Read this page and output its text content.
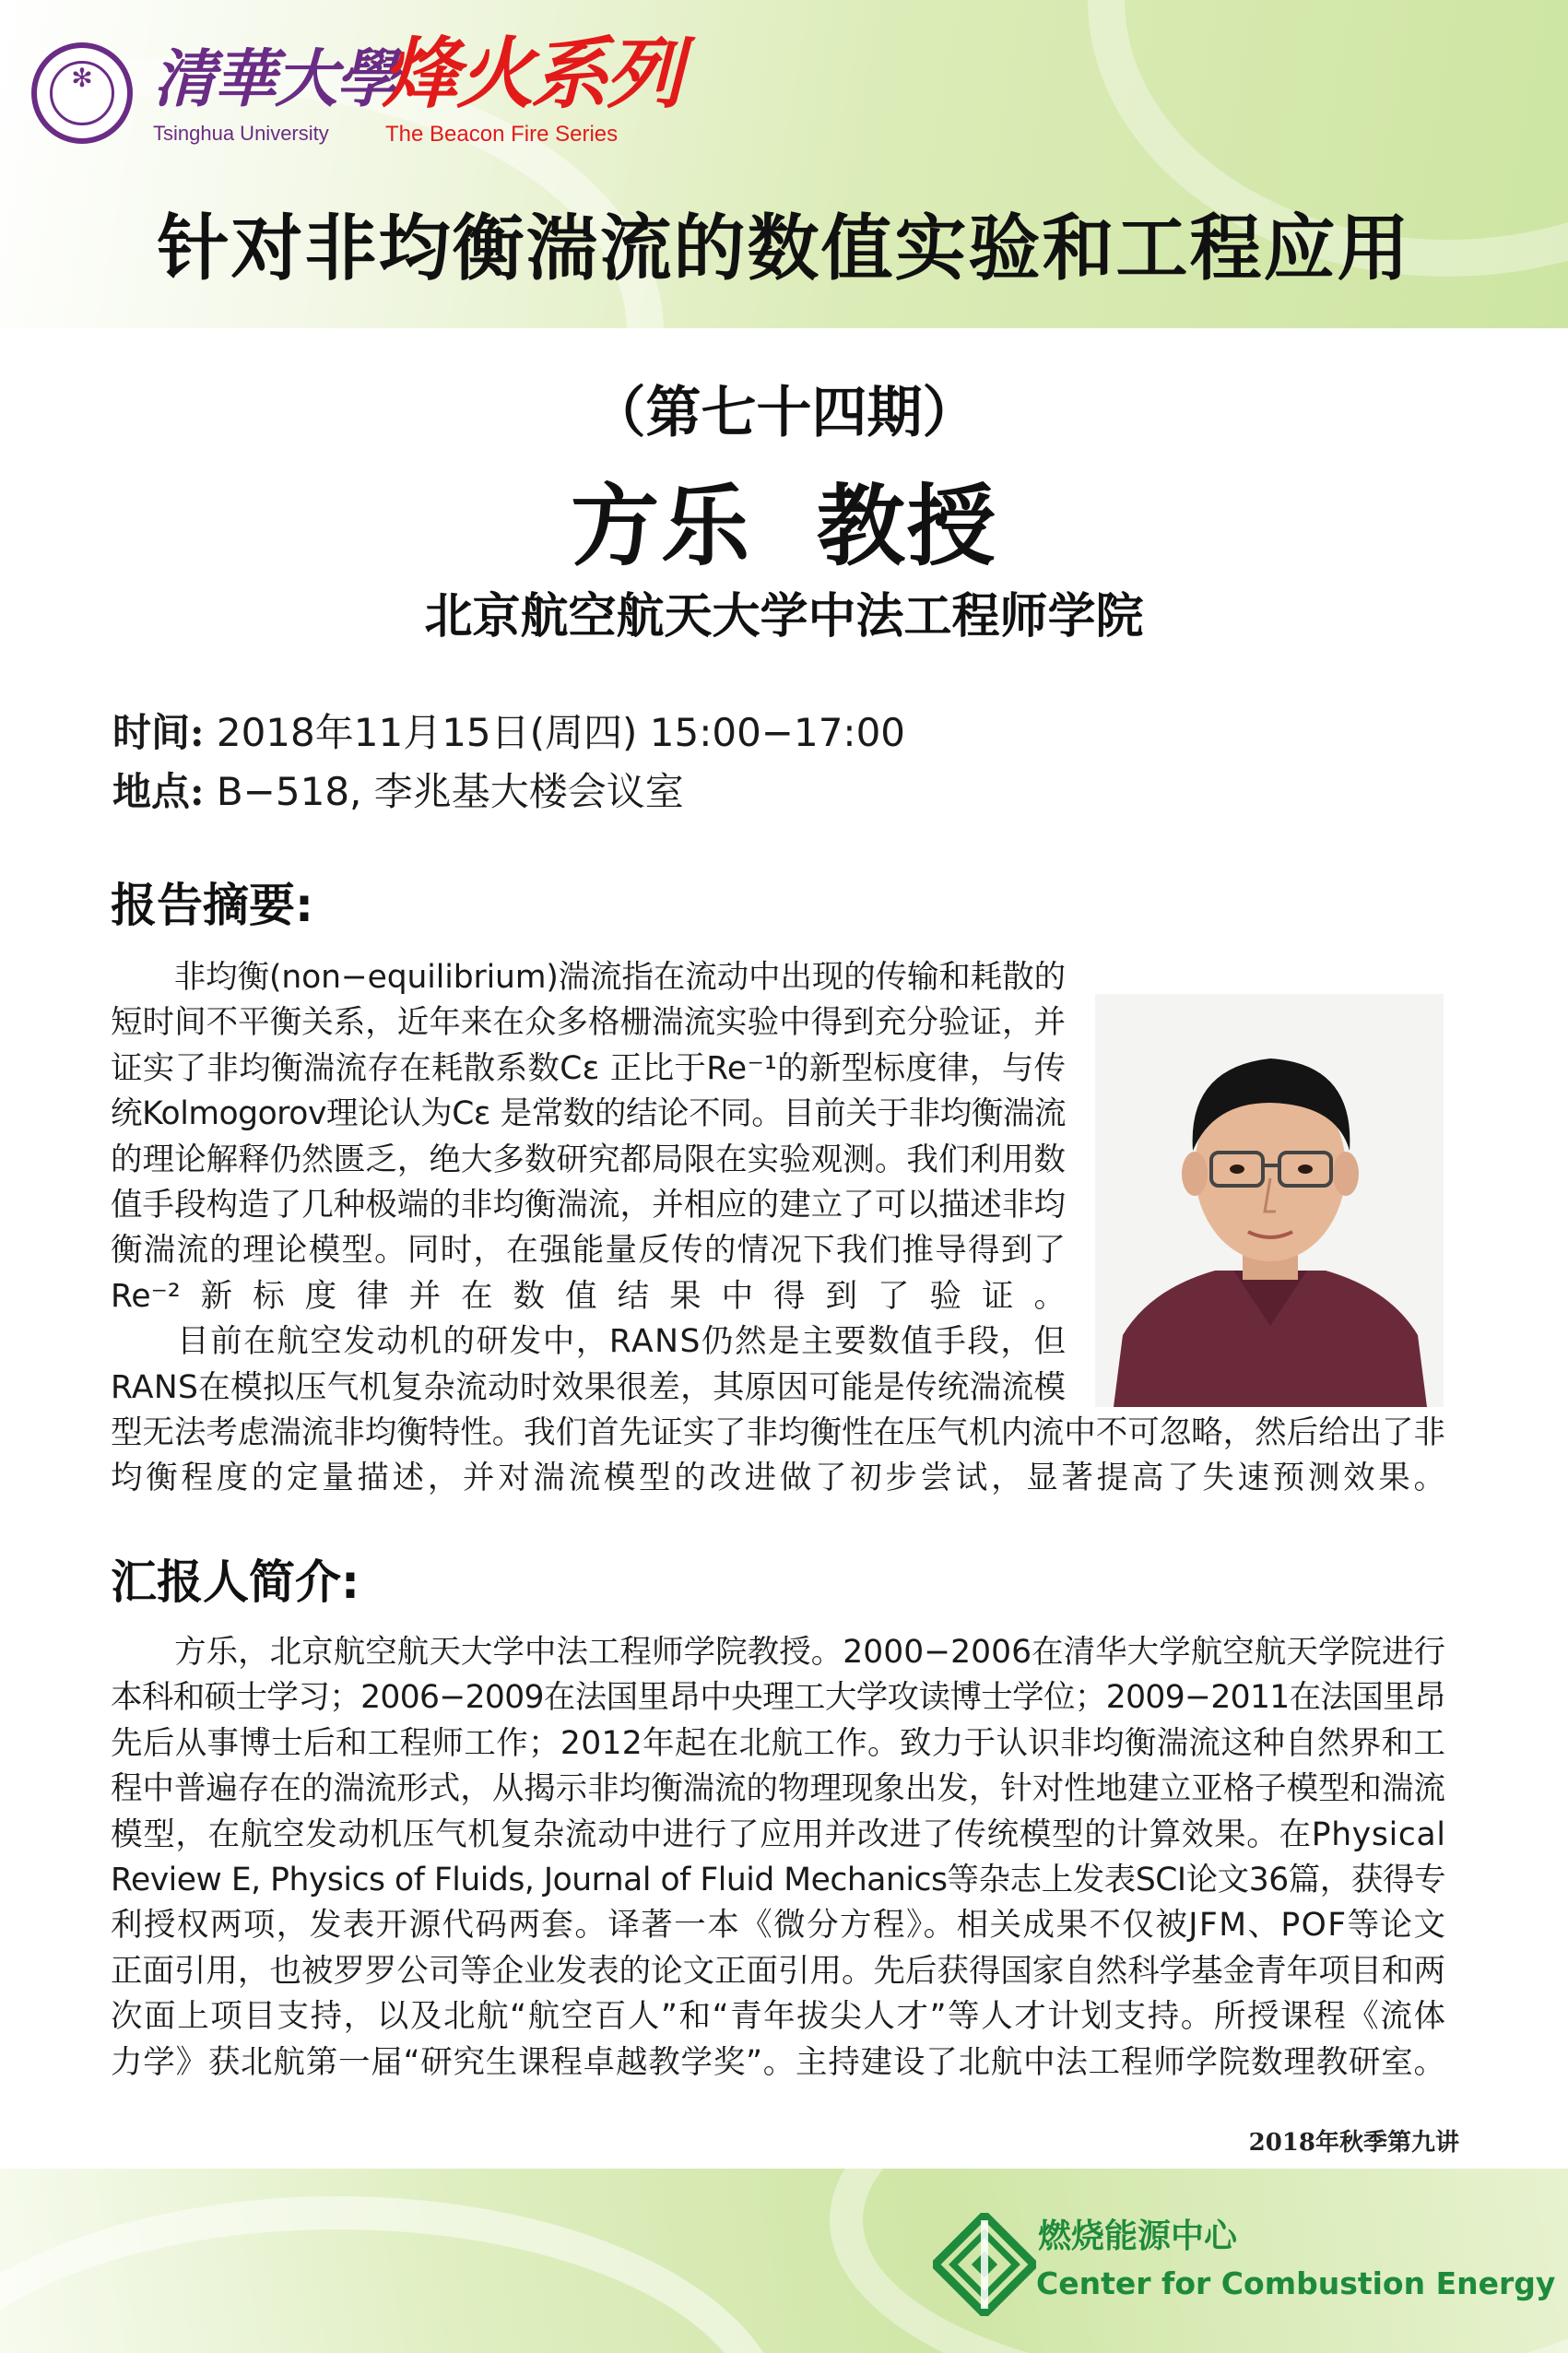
✻ 清華大學
Tsinghua University
烽火系列
The Beacon Fire Series
针对非均衡湍流的数值实验和工程应用
（第七十四期）
方乐  教授
北京航空航天大学中法工程师学院
时间: 2018年11月15日(周四) 15:00−17:00
地点: B−518, 李兆基大楼会议室
报告摘要:
　　非均衡(non−equilibrium)湍流指在流动中出现的传输和耗散的
短时间不平衡关系，近年来在众多格栅湍流实验中得到充分验证，并
证实了非均衡湍流存在耗散系数Cε 正比于Re⁻¹的新型标度律，与传
统Kolmogorov理论认为Cε 是常数的结论不同。目前关于非均衡湍流
的理论解释仍然匮乏，绝大多数研究都局限在实验观测。我们利用数
值手段构造了几种极端的非均衡湍流，并相应的建立了可以描述非均
衡湍流的理论模型。同时，在强能量反传的情况下我们推导得到了
Re⁻²新标度律并在数值结果中得到了验证。
　　目前在航空发动机的研发中，RANS仍然是主要数值手段，但
RANS在模拟压气机复杂流动时效果很差，其原因可能是传统湍流模
型无法考虑湍流非均衡特性。我们首先证实了非均衡性在压气机内流中不可忽略，然后给出了非
均衡程度的定量描述，并对湍流模型的改进做了初步尝试，显著提高了失速预测效果。
汇报人简介:
　　方乐，北京航空航天大学中法工程师学院教授。2000−2006在清华大学航空航天学院进行
本科和硕士学习；2006−2009在法国里昂中央理工大学攻读博士学位；2009−2011在法国里昂
先后从事博士后和工程师工作；2012年起在北航工作。致力于认识非均衡湍流这种自然界和工
程中普遍存在的湍流形式，从揭示非均衡湍流的物理现象出发，针对性地建立亚格子模型和湍流
模型，在航空发动机压气机复杂流动中进行了应用并改进了传统模型的计算效果。在Physical
Review E, Physics of Fluids, Journal of Fluid Mechanics等杂志上发表SCI论文36篇，获得专
利授权两项，发表开源代码两套。译著一本《微分方程》。相关成果不仅被JFM、POF等论文
正面引用，也被罗罗公司等企业发表的论文正面引用。先后获得国家自然科学基金青年项目和两
次面上项目支持，以及北航“航空百人”和“青年拔尖人才”等人才计划支持。所授课程《流体
力学》获北航第一届“研究生课程卓越教学奖”。主持建设了北航中法工程师学院数理教研室。
2018年秋季第九讲
燃烧能源中心
Center for Combustion Energy
